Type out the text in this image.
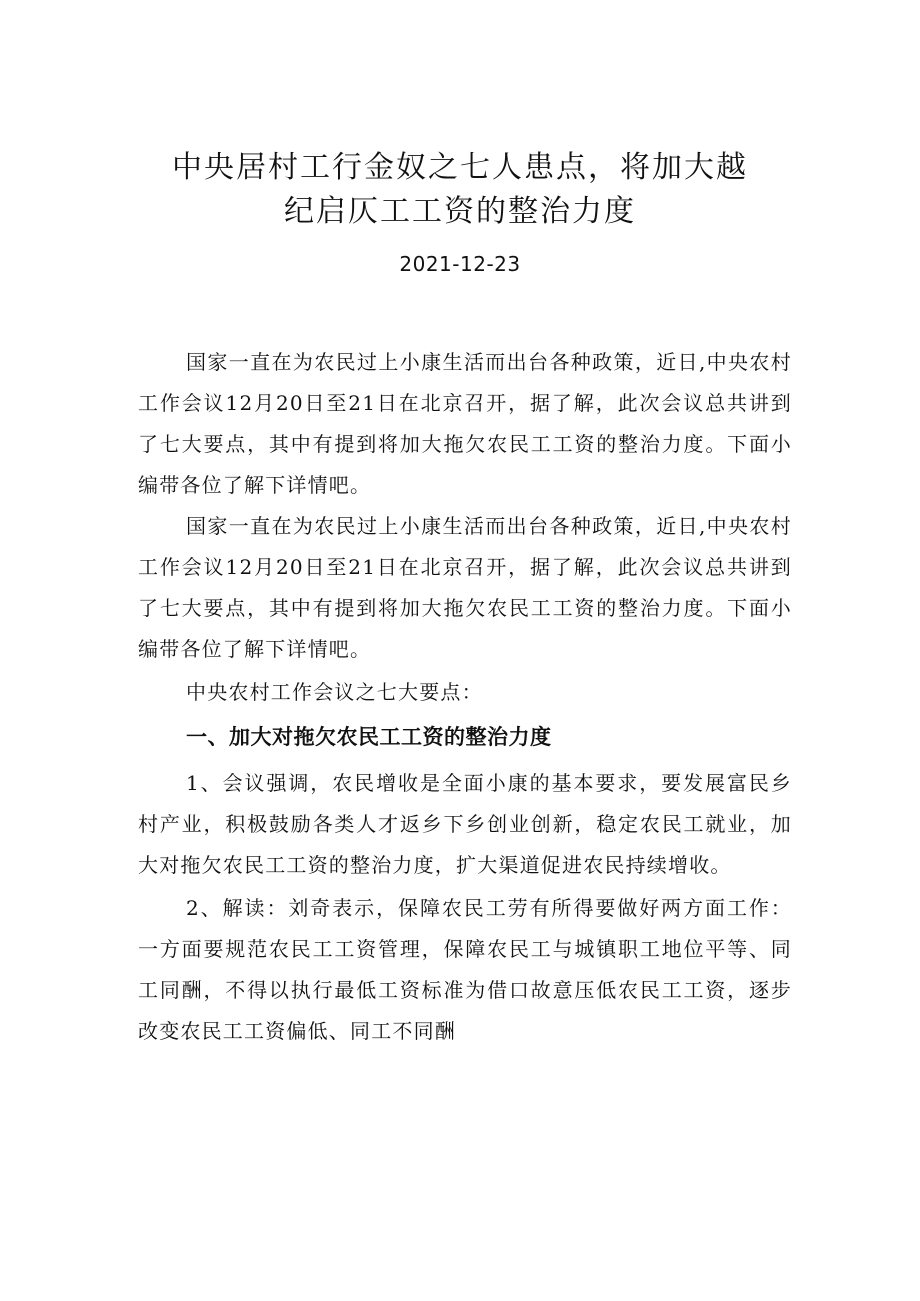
中央居村工行金奴之七人患点，将加大越
纪启仄工工资的整治力度
2021-12-23

国家一直在为农民过上小康生活而出台各种政策，近日,中央农村工作会议12月20日至21日在北京召开，据了解，此次会议总共讲到了七大要点，其中有提到将加大拖欠农民工工资的整治力度。下面小编带各位了解下详情吧。

国家一直在为农民过上小康生活而出台各种政策，近日,中央农村工作会议12月20日至21日在北京召开，据了解，此次会议总共讲到了七大要点，其中有提到将加大拖欠农民工工资的整治力度。下面小编带各位了解下详情吧。

中央农村工作会议之七大要点：

一、加大对拖欠农民工工资的整治力度

1、会议强调，农民增收是全面小康的基本要求，要发展富民乡村产业，积极鼓励各类人才返乡下乡创业创新，稳定农民工就业，加大对拖欠农民工工资的整治力度，扩大渠道促进农民持续增收。

2、解读：刘奇表示，保障农民工劳有所得要做好两方面工作：一方面要规范农民工工资管理，保障农民工与城镇职工地位平等、同工同酬，不得以执行最低工资标准为借口故意压低农民工工资，逐步改变农民工工资偏低、同工不同酬
